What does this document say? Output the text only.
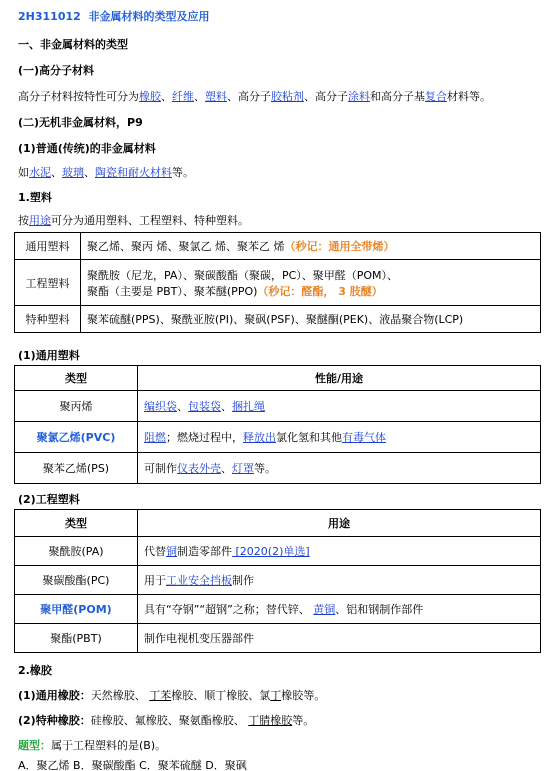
2H311012 非金属材料的类型及应用
一、非金属材料的类型
(一)高分子材料
高分子材料按特性可分为橡胶、纤维、塑料、高分子胶粘剂、高分子涂料和高分子基复合材料等。
(二)无机非金属材料，P9
(1)普通(传统)的非金属材料
如水泥、玻璃、陶瓷和耐火材料等。
1.塑料
按用途可分为通用塑料、工程塑料、特种塑料。
通用塑料	聚乙烯、聚丙 烯、聚氯乙 烯、聚苯乙 烯（秒记：通用全带烯）
工程塑料	聚酰胺（尼龙，PA）、聚碳酸酯（聚碳，PC）、聚甲醛（POM）、
聚酯（主要是 PBT）、聚苯醚(PPO)（秒记：醛酯， 3 肢醚）

特种塑料	聚苯硫醚(PPS)、聚酰亚胺(PI)、聚砜(PSF)、聚醚酮(PEK)、液晶聚合物(LCP)
(1)通用塑料
类型	性能/用途
聚丙烯	编织袋、包装袋、捆扎绳
聚氯乙烯(PVC)	阻燃；燃烧过程中，释放出氯化氢和其他有毒气体
聚苯乙烯(PS)	可制作仪表外壳、灯罩等。
(2)工程塑料
类型	用途
聚酰胺(PA)	代替铜制造零部件 [2020(2)单选]
聚碳酸酯(PC)	用于工业安全挡板制作
聚甲醛(POM)	具有“夺钢”“超钢”之称；替代锌、 黄铜、铝和钢制作部件
聚酯(PBT)	制作电视机变压器部件
2.橡胶
(1)通用橡胶：天然橡胶、 丁苯橡胶、顺丁橡胶、氯丁橡胶等。
(2)特种橡胶：硅橡胶、氟橡胶、聚氨酯橡胶、 丁腈橡胶等。
题型：属于工程塑料的是(B)。
A．聚乙烯 B．聚碳酸酯 C．聚苯硫醚 D．聚砜
